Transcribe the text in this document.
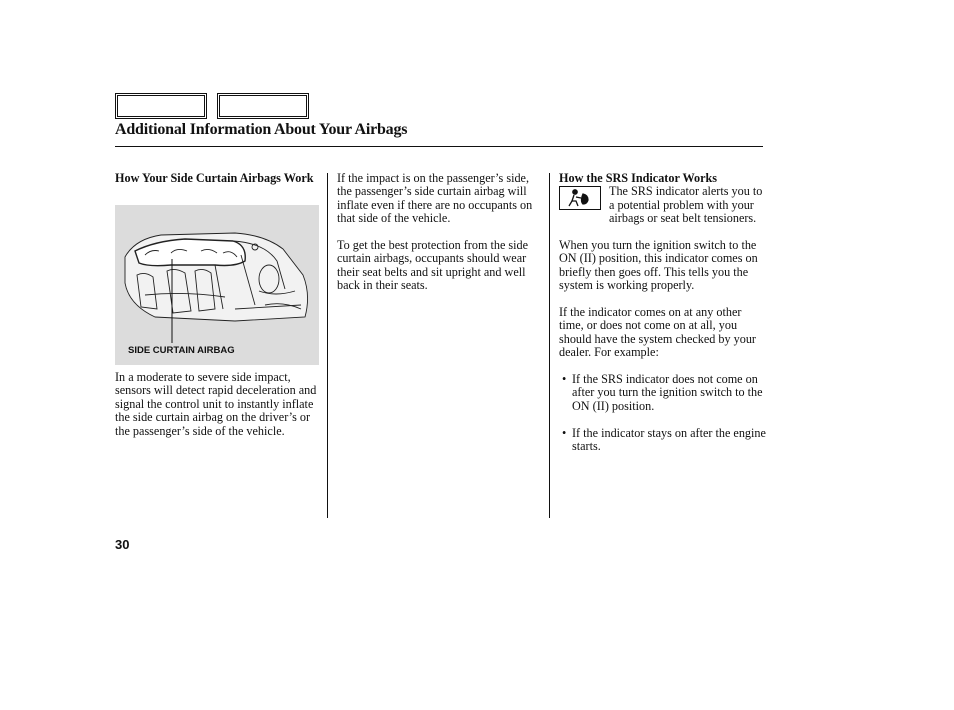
Additional Information About Your Airbags
How Your Side Curtain Airbags Work
SIDE CURTAIN AIRBAG
In a moderate to severe side impact, sensors will detect rapid deceleration and signal the control unit to instantly inflate the side curtain airbag on the driver’s or the passenger’s side of the vehicle.

If the impact is on the passenger’s side, the passenger’s side curtain airbag will inflate even if there are no occupants on that side of the vehicle.

To get the best protection from the side curtain airbags, occupants should wear their seat belts and sit upright and well back in their seats.

How the SRS Indicator Works

The SRS indicator alerts you to a potential problem with your airbags or seat belt tensioners.

When you turn the ignition switch to the ON (II) position, this indicator comes on briefly then goes off. This tells you the system is working properly.

If the indicator comes on at any other time, or does not come on at all, you should have the system checked by your dealer. For example:

• If the SRS indicator does not come on after you turn the ignition switch to the ON (II) position.
• If the indicator stays on after the engine starts.
30
